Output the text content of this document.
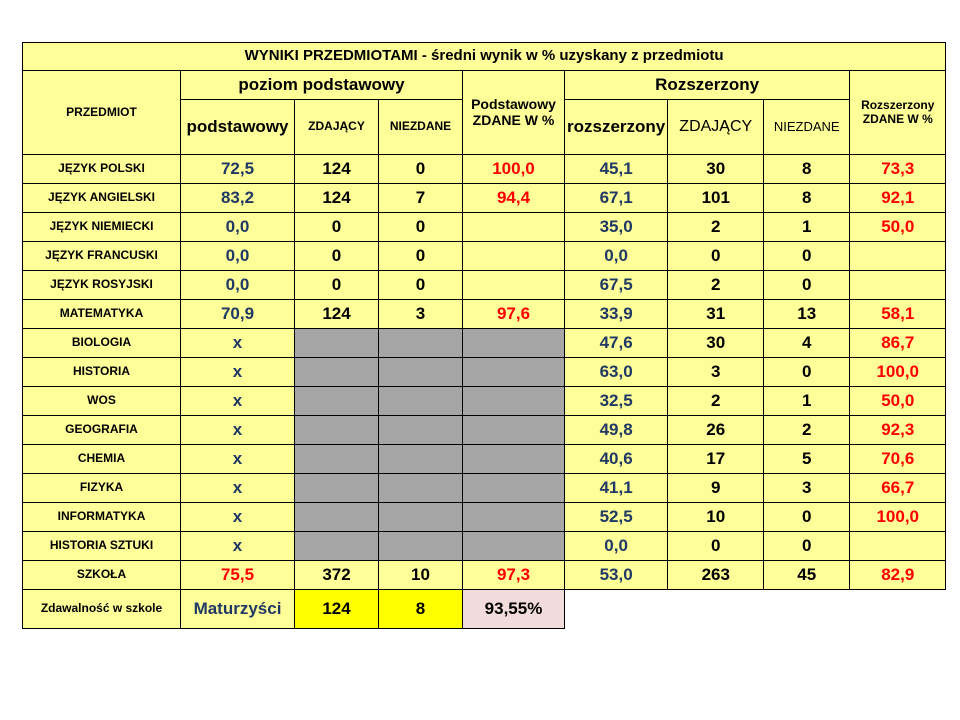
WYNIKI PRZEDMIOTAMI - średni wynik w % uzyskany z przedmiotu								
PRZEDMIOT	poziom podstawowy			Podstawowy ZDANE W %	Rozszerzony			Rozszerzony ZDANE W %
	podstawowy	ZDAJĄCY	NIEZDANE		rozszerzony	ZDAJĄCY	NIEZDANE	
JĘZYK POLSKI	72,5	124	0	100,0	45,1	30	8	73,3
JĘZYK ANGIELSKI	83,2	124	7	94,4	67,1	101	8	92,1
JĘZYK NIEMIECKI	0,0	0	0		35,0	2	1	50,0
JĘZYK FRANCUSKI	0,0	0	0		0,0	0	0	
JĘZYK ROSYJSKI	0,0	0	0		67,5	2	0	
MATEMATYKA	70,9	124	3	97,6	33,9	31	13	58,1
BIOLOGIA	x				47,6	30	4	86,7
HISTORIA	x				63,0	3	0	100,0
WOS	x				32,5	2	1	50,0
GEOGRAFIA	x				49,8	26	2	92,3
CHEMIA	x				40,6	17	5	70,6
FIZYKA	x				41,1	9	3	66,7
INFORMATYKA	x				52,5	10	0	100,0
HISTORIA SZTUKI	x				0,0	0	0	
SZKOŁA	75,5	372	10	97,3	53,0	263	45	82,9
Zdawalność w szkole	Maturzyści	124	8	93,55%				
